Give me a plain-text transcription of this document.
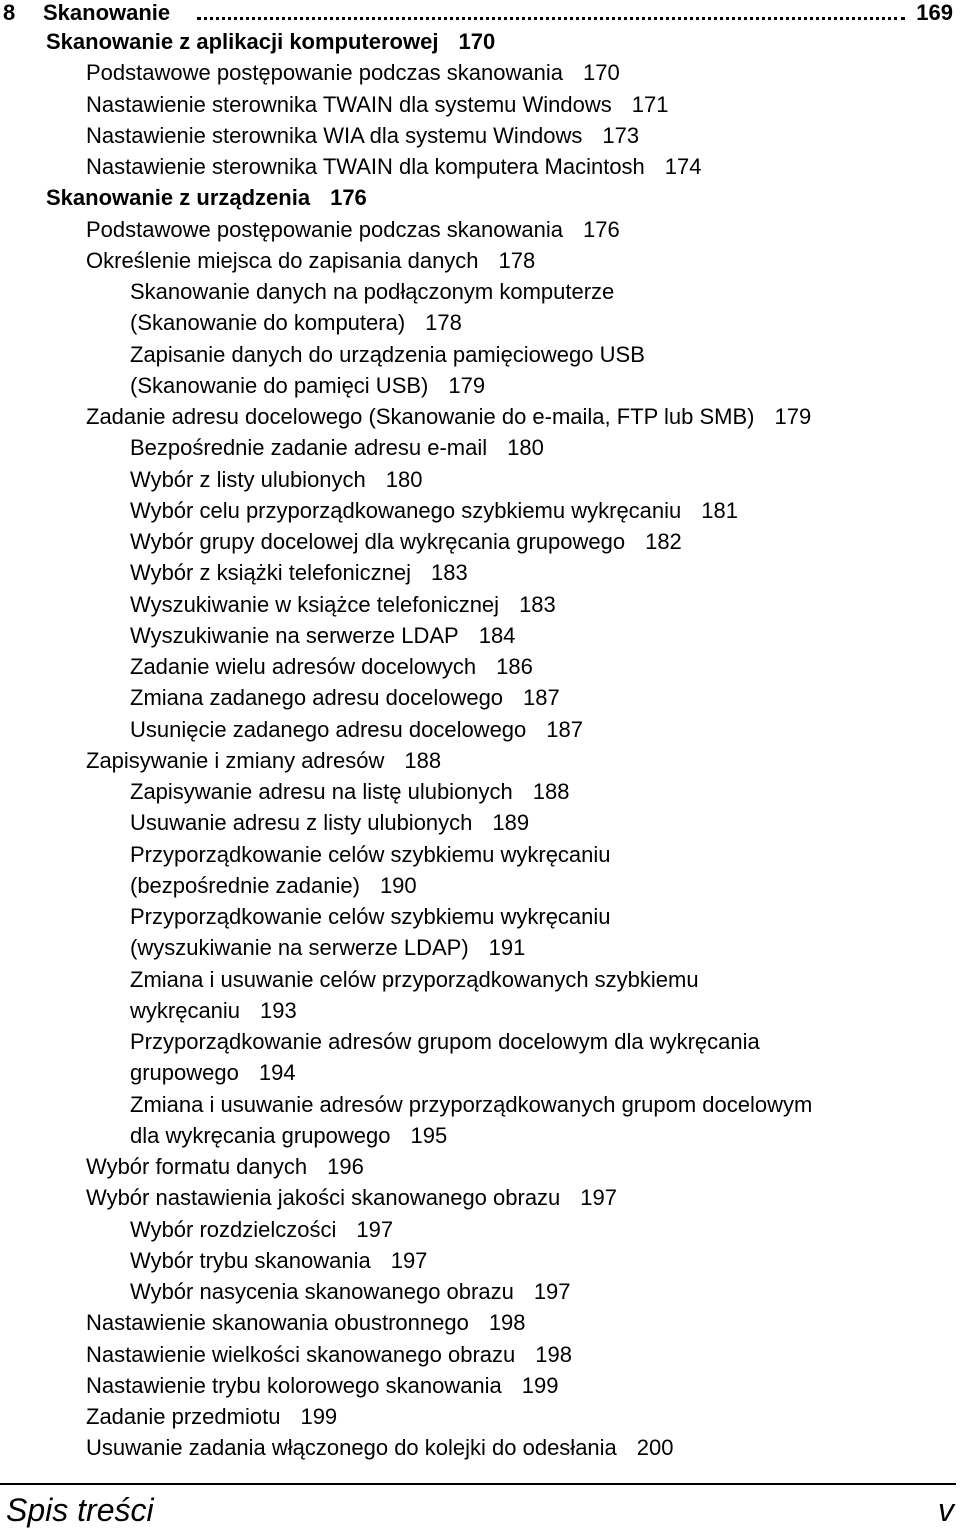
8 Skanowanie	169
Skanowanie z aplikacji komputerowej 170
Podstawowe postępowanie podczas skanowania 170
Nastawienie sterownika TWAIN dla systemu Windows 171
Nastawienie sterownika WIA dla systemu Windows 173
Nastawienie sterownika TWAIN dla komputera Macintosh 174
Skanowanie z urządzenia 176
Podstawowe postępowanie podczas skanowania 176
Określenie miejsca do zapisania danych 178
Skanowanie danych na podłączonym komputerze
(Skanowanie do komputera) 178
Zapisanie danych do urządzenia pamięciowego USB
(Skanowanie do pamięci USB) 179
Zadanie adresu docelowego (Skanowanie do e-maila, FTP lub SMB) 179
Bezpośrednie zadanie adresu e-mail 180
Wybór z listy ulubionych 180
Wybór celu przyporządkowanego szybkiemu wykręcaniu 181
Wybór grupy docelowej dla wykręcania grupowego 182
Wybór z książki telefonicznej 183
Wyszukiwanie w książce telefonicznej 183
Wyszukiwanie na serwerze LDAP 184
Zadanie wielu adresów docelowych 186
Zmiana zadanego adresu docelowego 187
Usunięcie zadanego adresu docelowego 187
Zapisywanie i zmiany adresów 188
Zapisywanie adresu na listę ulubionych 188
Usuwanie adresu z listy ulubionych 189
Przyporządkowanie celów szybkiemu wykręcaniu
(bezpośrednie zadanie) 190
Przyporządkowanie celów szybkiemu wykręcaniu
(wyszukiwanie na serwerze LDAP) 191
Zmiana i usuwanie celów przyporządkowanych szybkiemu
wykręcaniu 193
Przyporządkowanie adresów grupom docelowym dla wykręcania
grupowego 194
Zmiana i usuwanie adresów przyporządkowanych grupom docelowym
dla wykręcania grupowego 195
Wybór formatu danych 196
Wybór nastawienia jakości skanowanego obrazu 197
Wybór rozdzielczości 197
Wybór trybu skanowania 197
Wybór nasycenia skanowanego obrazu 197
Nastawienie skanowania obustronnego 198
Nastawienie wielkości skanowanego obrazu 198
Nastawienie trybu kolorowego skanowania 199
Zadanie przedmiotu 199
Usuwanie zadania włączonego do kolejki do odesłania 200
Spis treści	v
